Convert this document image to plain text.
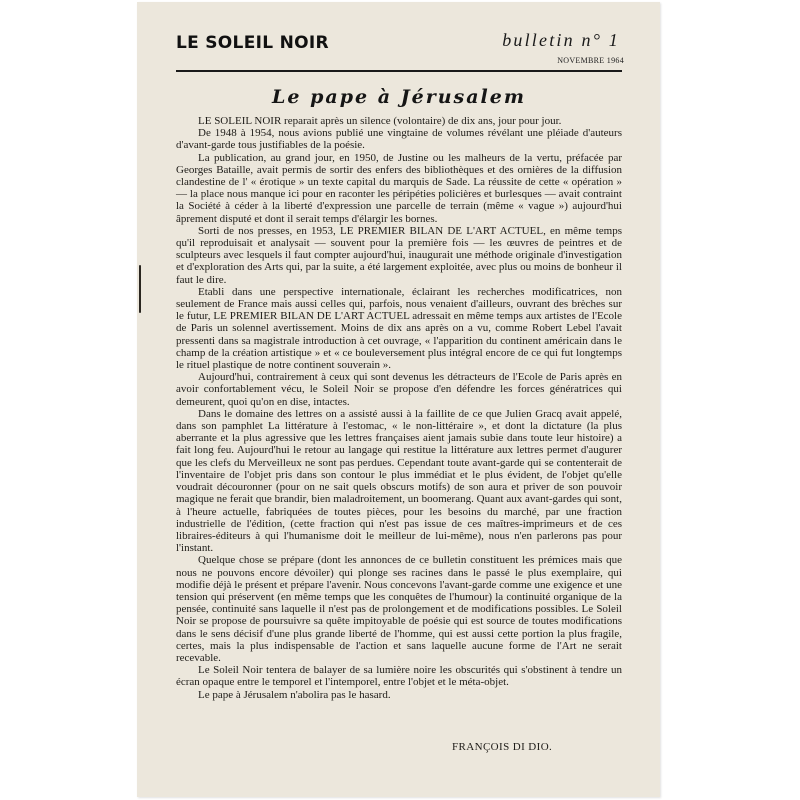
LE SOLEIL NOIR	bulletin n° 1
NOVEMBRE 1964
Le pape à Jérusalem

LE SOLEIL NOIR reparait après un silence (volontaire) de dix ans, jour pour jour.

De 1948 à 1954, nous avions publié une vingtaine de volumes révélant une pléiade d'auteurs d'avant-garde tous justifiables de la poésie.

La publication, au grand jour, en 1950, de Justine ou les malheurs de la vertu, préfacée par Georges Bataille, avait permis de sortir des enfers des bibliothèques et des ornières de la diffusion clandestine de l' « érotique » un texte capital du marquis de Sade. La réussite de cette « opération » — la place nous manque ici pour en raconter les péripéties policières et burlesques — avait contraint la Société à céder à la liberté d'expression une parcelle de terrain (même « vague ») aujourd'hui âprement disputé et dont il serait temps d'élargir les bornes.

Sorti de nos presses, en 1953, LE PREMIER BILAN DE L'ART ACTUEL, en même temps qu'il reproduisait et analysait — souvent pour la première fois — les œuvres de peintres et de sculpteurs avec lesquels il faut compter aujourd'hui, inaugurait une méthode originale d'investigation et d'exploration des Arts qui, par la suite, a été largement exploitée, avec plus ou moins de bonheur il faut le dire.

Etabli dans une perspective internationale, éclairant les recherches modificatrices, non seulement de France mais aussi celles qui, parfois, nous venaient d'ailleurs, ouvrant des brèches sur le futur, LE PREMIER BILAN DE L'ART ACTUEL adressait en même temps aux artistes de l'Ecole de Paris un solennel avertissement. Moins de dix ans après on a vu, comme Robert Lebel l'avait pressenti dans sa magistrale introduction à cet ouvrage, « l'apparition du continent américain dans le champ de la création artistique » et « ce bouleversement plus intégral encore de ce qui fut longtemps le rituel plastique de notre continent souverain ».

Aujourd'hui, contrairement à ceux qui sont devenus les détracteurs de l'Ecole de Paris après en avoir confortablement vécu, le Soleil Noir se propose d'en défendre les forces génératrices qui demeurent, quoi qu'on en dise, intactes.

Dans le domaine des lettres on a assisté aussi à la faillite de ce que Julien Gracq avait appelé, dans son pamphlet La littérature à l'estomac, « le non-littéraire », et dont la dictature (la plus aberrante et la plus agressive que les lettres françaises aient jamais subie dans toute leur histoire) a fait long feu. Aujourd'hui le retour au langage qui restitue la littérature aux lettres permet d'augurer que les clefs du Merveilleux ne sont pas perdues. Cependant toute avant-garde qui se contenterait de l'inventaire de l'objet pris dans son contour le plus immédiat et le plus évident, de l'objet qu'elle voudrait découronner (pour on ne sait quels obscurs motifs) de son aura et priver de son pouvoir magique ne ferait que brandir, bien maladroitement, un boomerang. Quant aux avant-gardes qui sont, à l'heure actuelle, fabriquées de toutes pièces, pour les besoins du marché, par une fraction industrielle de l'édition, (cette fraction qui n'est pas issue de ces maîtres-imprimeurs et de ces libraires-éditeurs à qui l'humanisme doit le meilleur de lui-même), nous n'en parlerons pas pour l'instant.

Quelque chose se prépare (dont les annonces de ce bulletin constituent les prémices mais que nous ne pouvons encore dévoiler) qui plonge ses racines dans le passé le plus exemplaire, qui modifie déjà le présent et prépare l'avenir. Nous concevons l'avant-garde comme une exigence et une tension qui préservent (en même temps que les conquêtes de l'humour) la continuité organique de la pensée, continuité sans laquelle il n'est pas de prolongement et de modifications possibles. Le Soleil Noir se propose de poursuivre sa quête impitoyable de poésie qui est source de toutes modifications dans le sens décisif d'une plus grande liberté de l'homme, qui est aussi cette portion la plus fragile, certes, mais la plus indispensable de l'action et sans laquelle aucune forme de l'Art ne serait recevable.

Le Soleil Noir tentera de balayer de sa lumière noire les obscurités qui s'obstinent à tendre un écran opaque entre le temporel et l'intemporel, entre l'objet et le méta-objet.

Le pape à Jérusalem n'abolira pas le hasard.

FRANÇOIS DI DIO.
